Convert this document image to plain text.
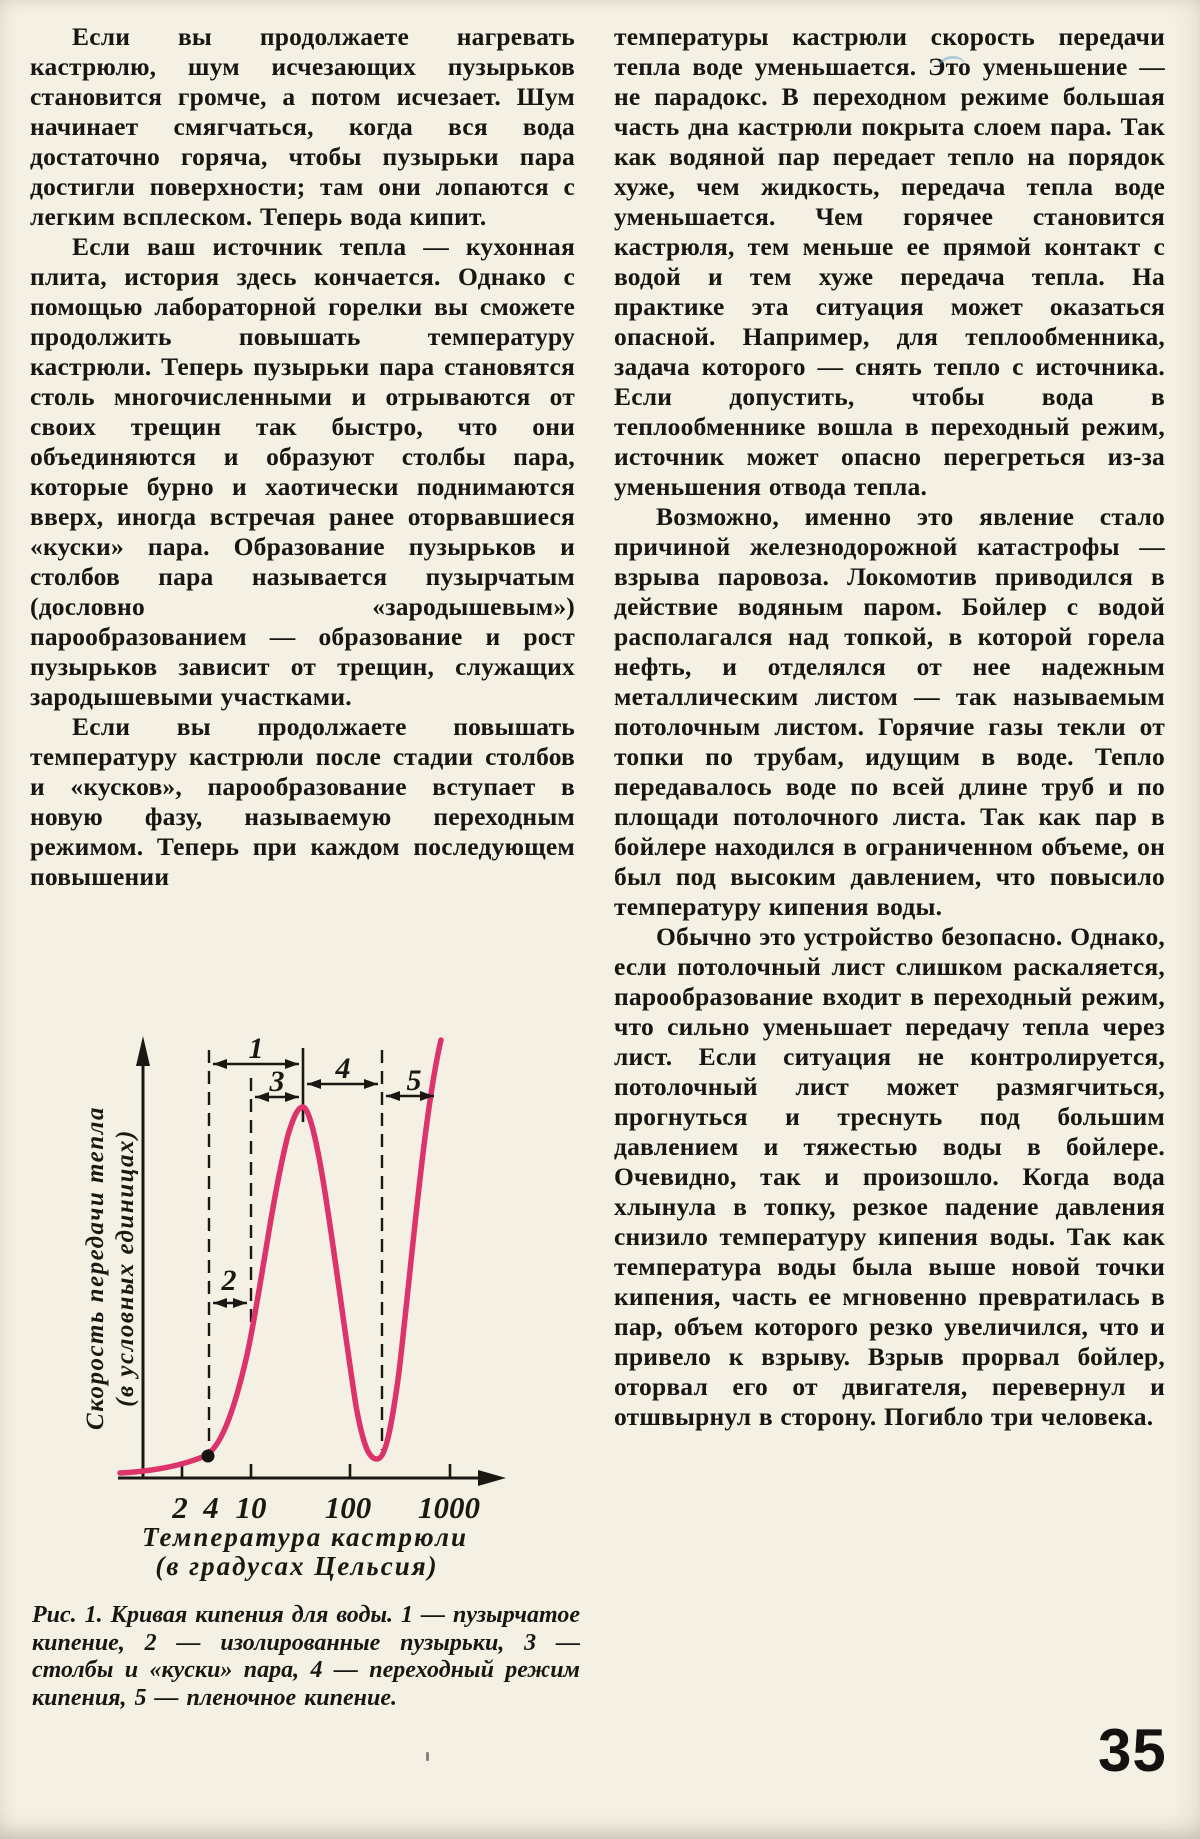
Если вы продолжаете нагревать кастрюлю, шум исчезающих пузырьков становится громче, а потом исчезает. Шум начинает смягчаться, когда вся вода достаточно горяча, чтобы пузырьки пара достигли поверхности; там они лопаются с легким всплеском. Теперь вода кипит.

Если ваш источник тепла — кухонная плита, история здесь кончается. Однако с помощью лабораторной горелки вы сможете продолжить повышать температуру кастрюли. Теперь пузырьки пара становятся столь многочисленными и отрываются от своих трещин так быстро, что они объединяются и образуют столбы пара, которые бурно и хаотически поднимаются вверх, иногда встречая ранее оторвавшиеся «куски» пара. Образование пузырьков и столбов пара называется пузырчатым (дословно «зародышевым») парообразованием — образование и рост пузырьков зависит от трещин, служащих зародышевыми участками.

Если вы продолжаете повышать температуру кастрюли после стадии столбов и «кусков», парообразование вступает в новую фазу, называемую переходным режимом. Теперь при каждом последующем повышении

температуры кастрюли скорость передачи тепла воде уменьшается. Это уменьшение — не парадокс. В переходном режиме большая часть дна кастрюли покрыта слоем пара. Так как водяной пар передает тепло на порядок хуже, чем жидкость, передача тепла воде уменьшается. Чем горячее становится кастрюля, тем меньше ее прямой контакт с водой и тем хуже передача тепла. На практике эта ситуация может оказаться опасной. Например, для теплообменника, задача которого — снять тепло с источника. Если допустить, чтобы вода в теплообменнике вошла в переходный режим, источник может опасно перегреться из-за уменьшения отвода тепла.

Возможно, именно это явление стало причиной железнодорожной катастрофы — взрыва паровоза. Локомотив приводился в действие водяным паром. Бойлер с водой располагался над топкой, в которой горела нефть, и отделялся от нее надежным металлическим листом — так называемым потолочным листом. Горячие газы текли от топки по трубам, идущим в воде. Тепло передавалось воде по всей длине труб и по площади потолочного листа. Так как пар в бойлере находился в ограниченном объеме, он был под высоким давлением, что повысило температуру кипения воды.

Обычно это устройство безопасно. Однако, если потолочный лист слишком раскаляется, парообразование входит в переходный режим, что сильно уменьшает передачу тепла через лист. Если ситуация не контролируется, потолочный лист может размягчиться, прогнуться и треснуть под большим давлением и тяжестью воды в бойлере. Очевидно, так и произошло. Когда вода хлынула в топку, резкое падение давления снизило температуру кипения воды. Так как температура воды была выше новой точки кипения, часть ее мгновенно превратилась в пар, объем которого резко увеличился, что и привело к взрыву. Взрыв прорвал бойлер, оторвал его от двигателя, перевернул и отшвырнул в сторону. Погибло три человека.

1
3 4 5
2
2 4 10 100 1000
Температура кастрюли
(в градусах Цельсия)
Скорость передачи тепла (в условных единицах)
Рис. 1. Кривая кипения для воды. 1 — пузырчатое кипение, 2 — изолированные пузырьки, 3 — столбы и «куски» пара, 4 — переходный режим кипения, 5 — пленочное кипение.
35
